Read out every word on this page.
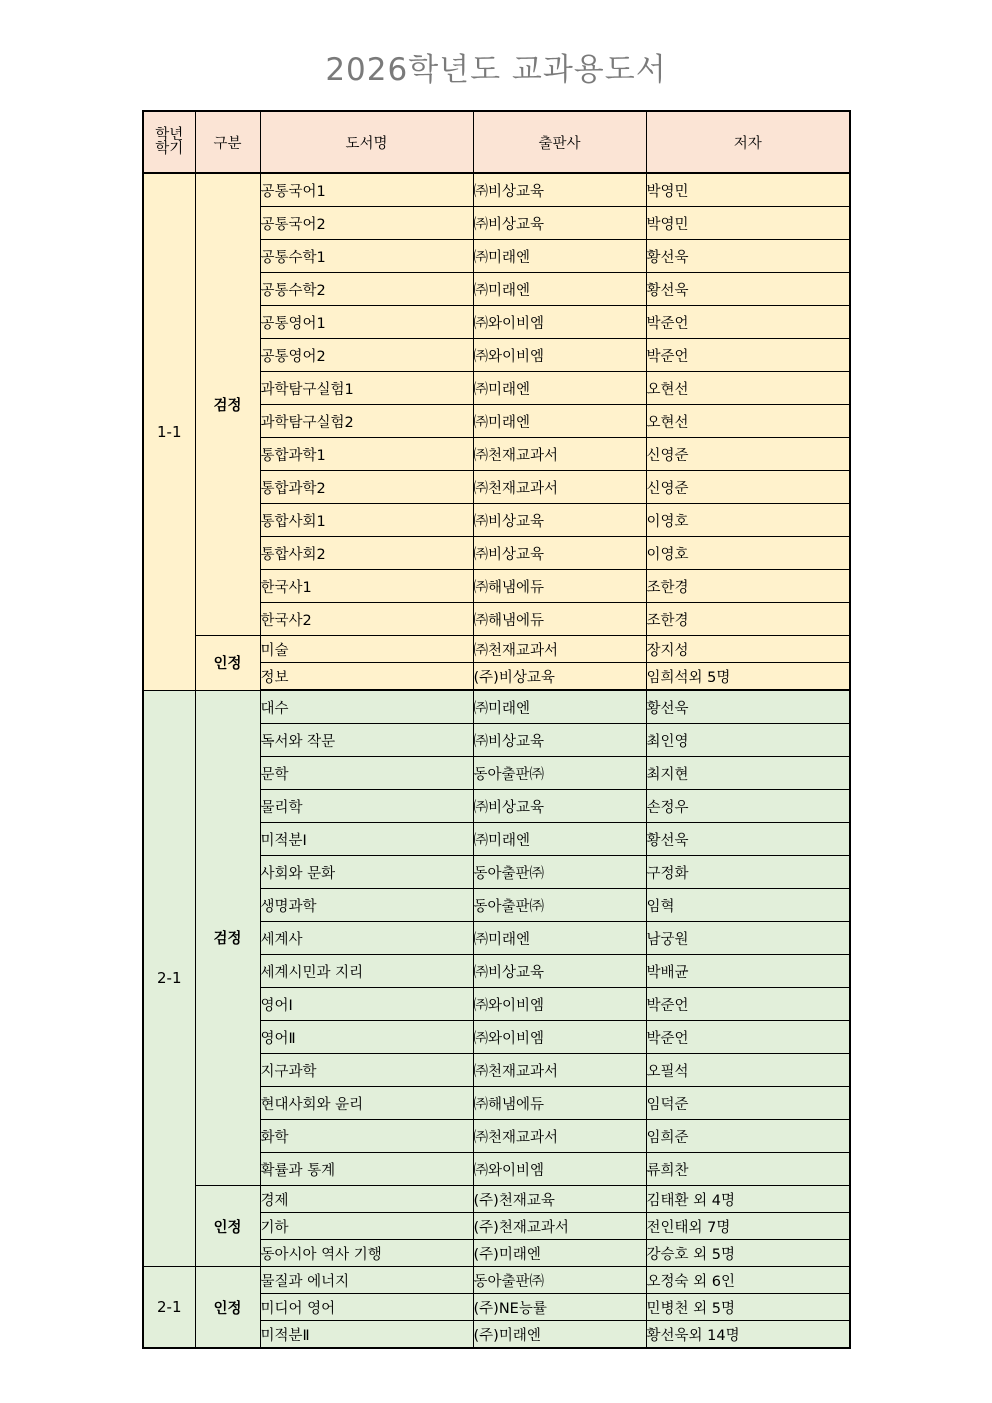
2026학년도 교과용도서
학년
학기	구분	도서명	출판사	저자
1-1	검정	공통국어1	㈜비상교육	박영민
		공통국어2	㈜비상교육	박영민
		공통수학1	㈜미래엔	황선욱
		공통수학2	㈜미래엔	황선욱
		공통영어1	㈜와이비엠	박준언
		공통영어2	㈜와이비엠	박준언
		과학탐구실험1	㈜미래엔	오현선
		과학탐구실험2	㈜미래엔	오현선
		통합과학1	㈜천재교과서	신영준
		통합과학2	㈜천재교과서	신영준
		통합사회1	㈜비상교육	이영호
		통합사회2	㈜비상교육	이영호
		한국사1	㈜해냄에듀	조한경
		한국사2	㈜해냄에듀	조한경
	인정	미술	㈜천재교과서	장지성
		정보	(주)비상교육	임희석외 5명
2-1	검정	대수	㈜미래엔	황선욱
		독서와 작문	㈜비상교육	최인영
		문학	동아출판㈜	최지현
		물리학	㈜비상교육	손정우
		미적분Ⅰ	㈜미래엔	황선욱
		사회와 문화	동아출판㈜	구정화
		생명과학	동아출판㈜	임혁
		세계사	㈜미래엔	남궁원
		세계시민과 지리	㈜비상교육	박배균
		영어Ⅰ	㈜와이비엠	박준언
		영어Ⅱ	㈜와이비엠	박준언
		지구과학	㈜천재교과서	오필석
		현대사회와 윤리	㈜해냄에듀	임덕준
		화학	㈜천재교과서	임희준
		확률과 통계	㈜와이비엠	류희찬
	인정	경제	(주)천재교육	김태환 외 4명
		기하	(주)천재교과서	전인태외 7명
		동아시아 역사 기행	(주)미래엔	강승호 외 5명
2-1	인정	물질과 에너지	동아출판㈜	오정숙 외 6인
		미디어 영어	(주)NE능률	민병천 외 5명
		미적분Ⅱ	(주)미래엔	황선욱외 14명
